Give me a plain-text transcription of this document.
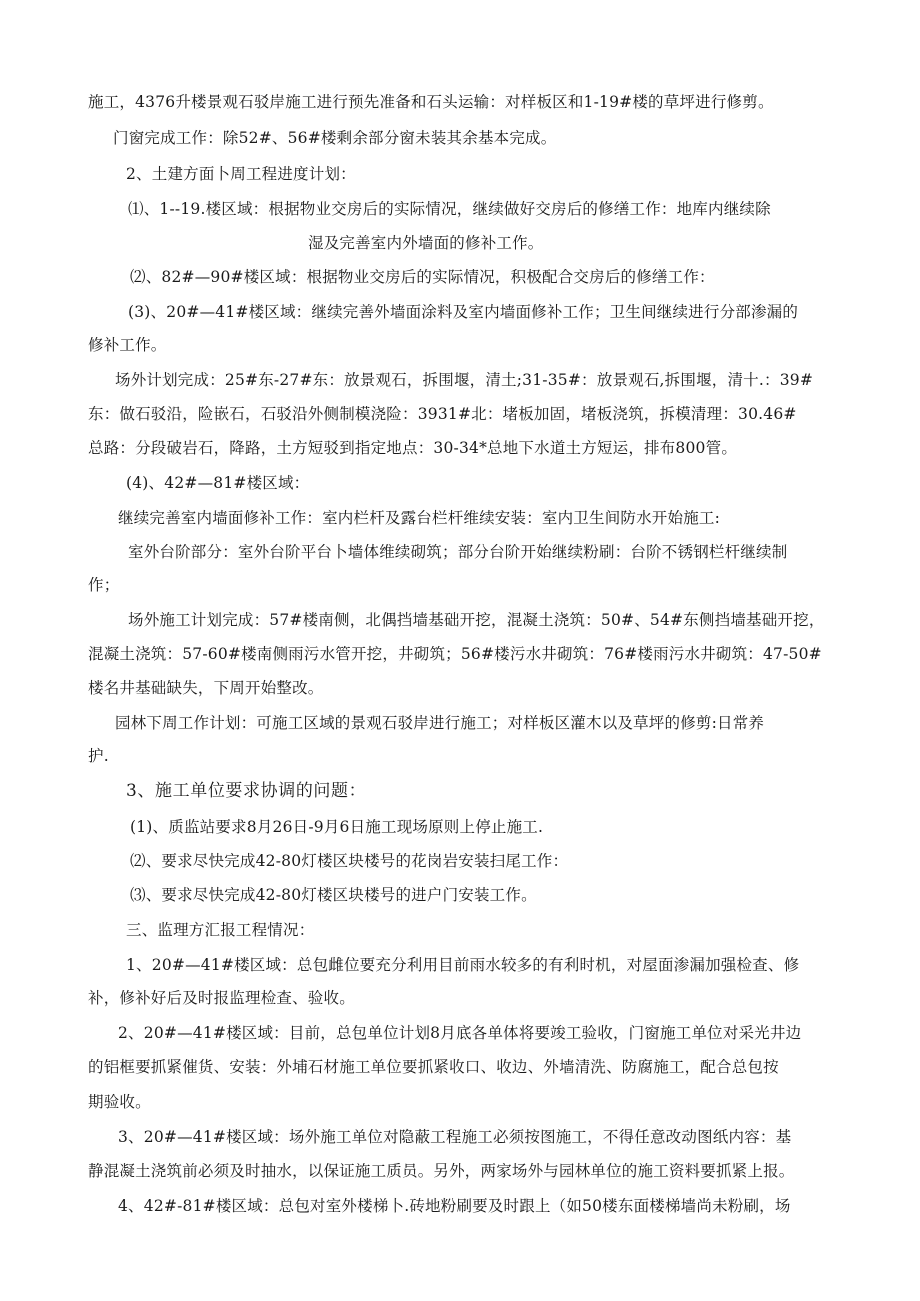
施工，4376升楼景观石驳岸施工进行预先准备和石头运输：对样板区和1-19#楼的草坪进行修剪。
门窗完成工作：除52#、56#楼剩余部分窗未装其余基本完成。
2、土建方面卜周工程进度计划：
⑴、1--19.楼区域：根据物业交房后的实际情况，继续做好交房后的修缮工作：地库内继续除
湿及完善室内外墙面的修补工作。
⑵、82#—90#楼区域：根据物业交房后的实际情况，积极配合交房后的修缮工作：
(3)、20#—41#楼区域：继续完善外墙面涂料及室内墙面修补工作；卫生间继续进行分部渗漏的
修补工作。
场外计划完成：25#东-27#东：放景观石，拆围堰，清土;31-35#：放景观石,拆围堰，清十.：39#
东：做石驳沿，险嵌石，石驳沿外侧制模浇险：3931#北：堵板加固，堵板浇筑，拆模清理：30.46#
总路：分段破岩石，降路，土方短驳到指定地点：30-34*总地下水道土方短运，排布800管。
(4)、42#—81#楼区域：
继续完善室内墙面修补工作：室内栏杆及露台栏杆维续安装：室内卫生间防水开始施工:
室外台阶部分：室外台阶平台卜墙体维续砌筑；部分台阶开始继续粉刷：台阶不锈钢栏杆继续制
作；
场外施工计划完成：57#楼南侧，北偶挡墙基础开挖，混凝土浇筑：50#、54#东侧挡墙基础开挖，
混凝土浇筑：57-60#楼南侧雨污水管开挖，井砌筑；56#楼污水井砌筑：76#楼雨污水井砌筑：47-50#
楼名井基础缺失，下周开始整改。
园林下周工作计划：可施工区域的景观石驳岸进行施工；对样板区灌木以及草坪的修剪:日常养
护.
3、施工单位要求协调的问题：
(1)、质监站要求8月26日-9月6日施工现场原则上停止施工.
⑵、要求尽快完成42-80灯楼区块楼号的花岗岩安装扫尾工作：
⑶、要求尽快完成42-80灯楼区块楼号的进户门安装工作。
三、监理方汇报工程情况：
1、20#—41#楼区域：总包雌位要充分利用目前雨水较多的有利时机，对屋面渗漏加强检查、修
补，修补好后及时报监理检查、验收。
2、20#—41#楼区域：目前，总包单位计划8月底各单体将要竣工验收，门窗施工单位对采光井边
的铝框要抓紧催货、安装：外埔石材施工单位要抓紧收口、收边、外墙清洗、防腐施工，配合总包按
期验收。
3、20#—41#楼区域：场外施工单位对隐蔽工程施工必须按图施工，不得任意改动图纸内容：基
静混凝土浇筑前必须及时抽水，以保证施工质员。另外，两家场外与园林单位的施工资料要抓紧上报。
4、42#-81#楼区域：总包对室外楼梯卜.砖地粉刷要及时跟上（如50楼东面楼梯墙尚未粉刷，场
